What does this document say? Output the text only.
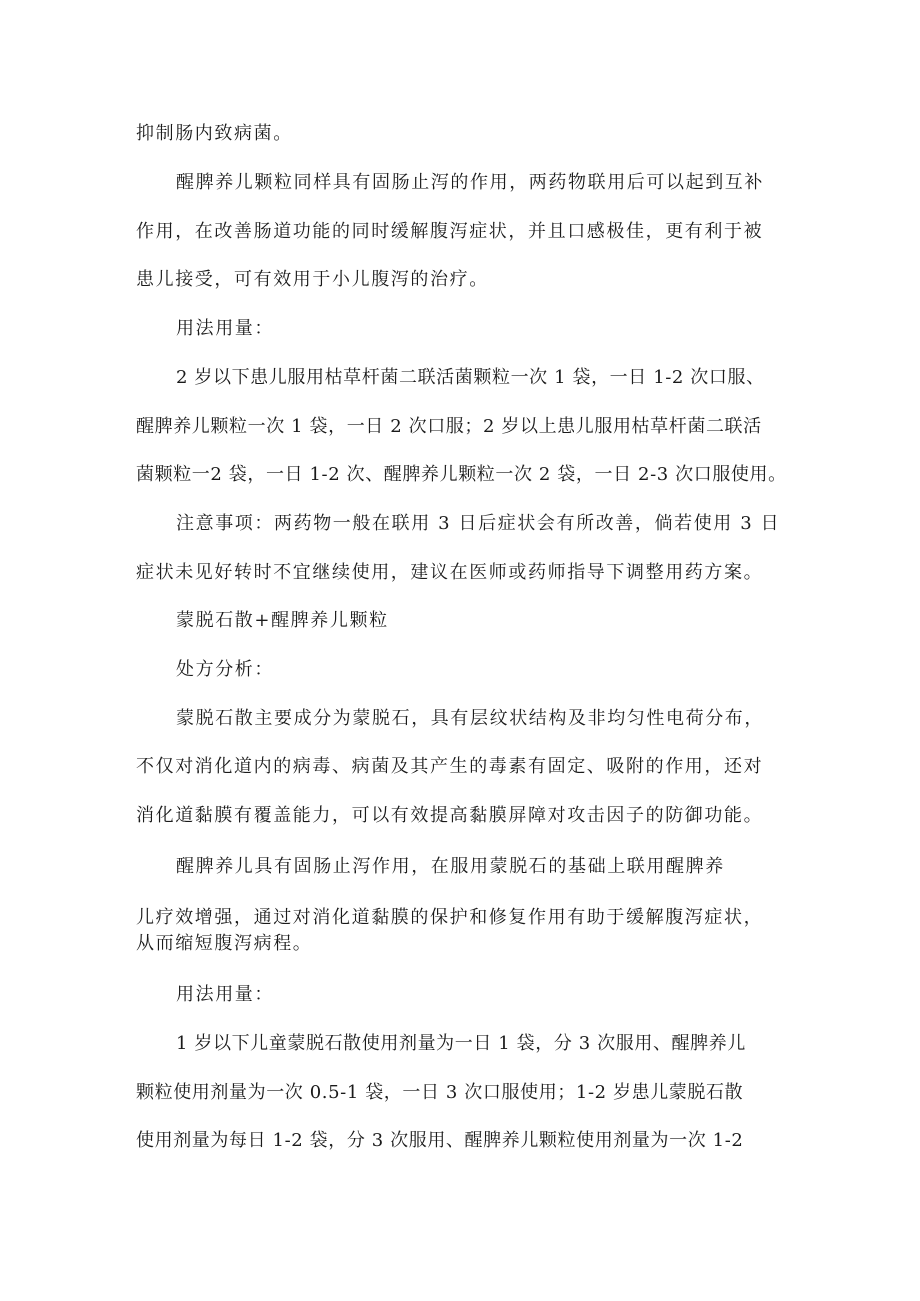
抑制肠内致病菌。
醒脾养儿颗粒同样具有固肠止泻的作用，两药物联用后可以起到互补
作用，在改善肠道功能的同时缓解腹泻症状，并且口感极佳，更有利于被
患儿接受，可有效用于小儿腹泻的治疗。
用法用量：
2 岁以下患儿服用枯草杆菌二联活菌颗粒一次 1 袋，一日 1-2 次口服、
醒脾养儿颗粒一次 1 袋，一日 2 次口服；2 岁以上患儿服用枯草杆菌二联活
菌颗粒一2 袋，一日 1-2 次、醒脾养儿颗粒一次 2 袋，一日 2-3 次口服使用。
注意事项：两药物一般在联用 3 日后症状会有所改善，倘若使用 3 日
症状未见好转时不宜继续使用，建议在医师或药师指导下调整用药方案。
蒙脱石散+醒脾养儿颗粒
处方分析：
蒙脱石散主要成分为蒙脱石，具有层纹状结构及非均匀性电荷分布，
不仅对消化道内的病毒、病菌及其产生的毒素有固定、吸附的作用，还对
消化道黏膜有覆盖能力，可以有效提高黏膜屏障对攻击因子的防御功能。
醒脾养儿具有固肠止泻作用，在服用蒙脱石的基础上联用醒脾养
儿疗效增强，通过对消化道黏膜的保护和修复作用有助于缓解腹泻症状，
从而缩短腹泻病程。
用法用量：
1 岁以下儿童蒙脱石散使用剂量为一日 1 袋，分 3 次服用、醒脾养儿
颗粒使用剂量为一次 0.5-1 袋，一日 3 次口服使用；1-2 岁患儿蒙脱石散
使用剂量为每日 1-2 袋，分 3 次服用、醒脾养儿颗粒使用剂量为一次 1-2
